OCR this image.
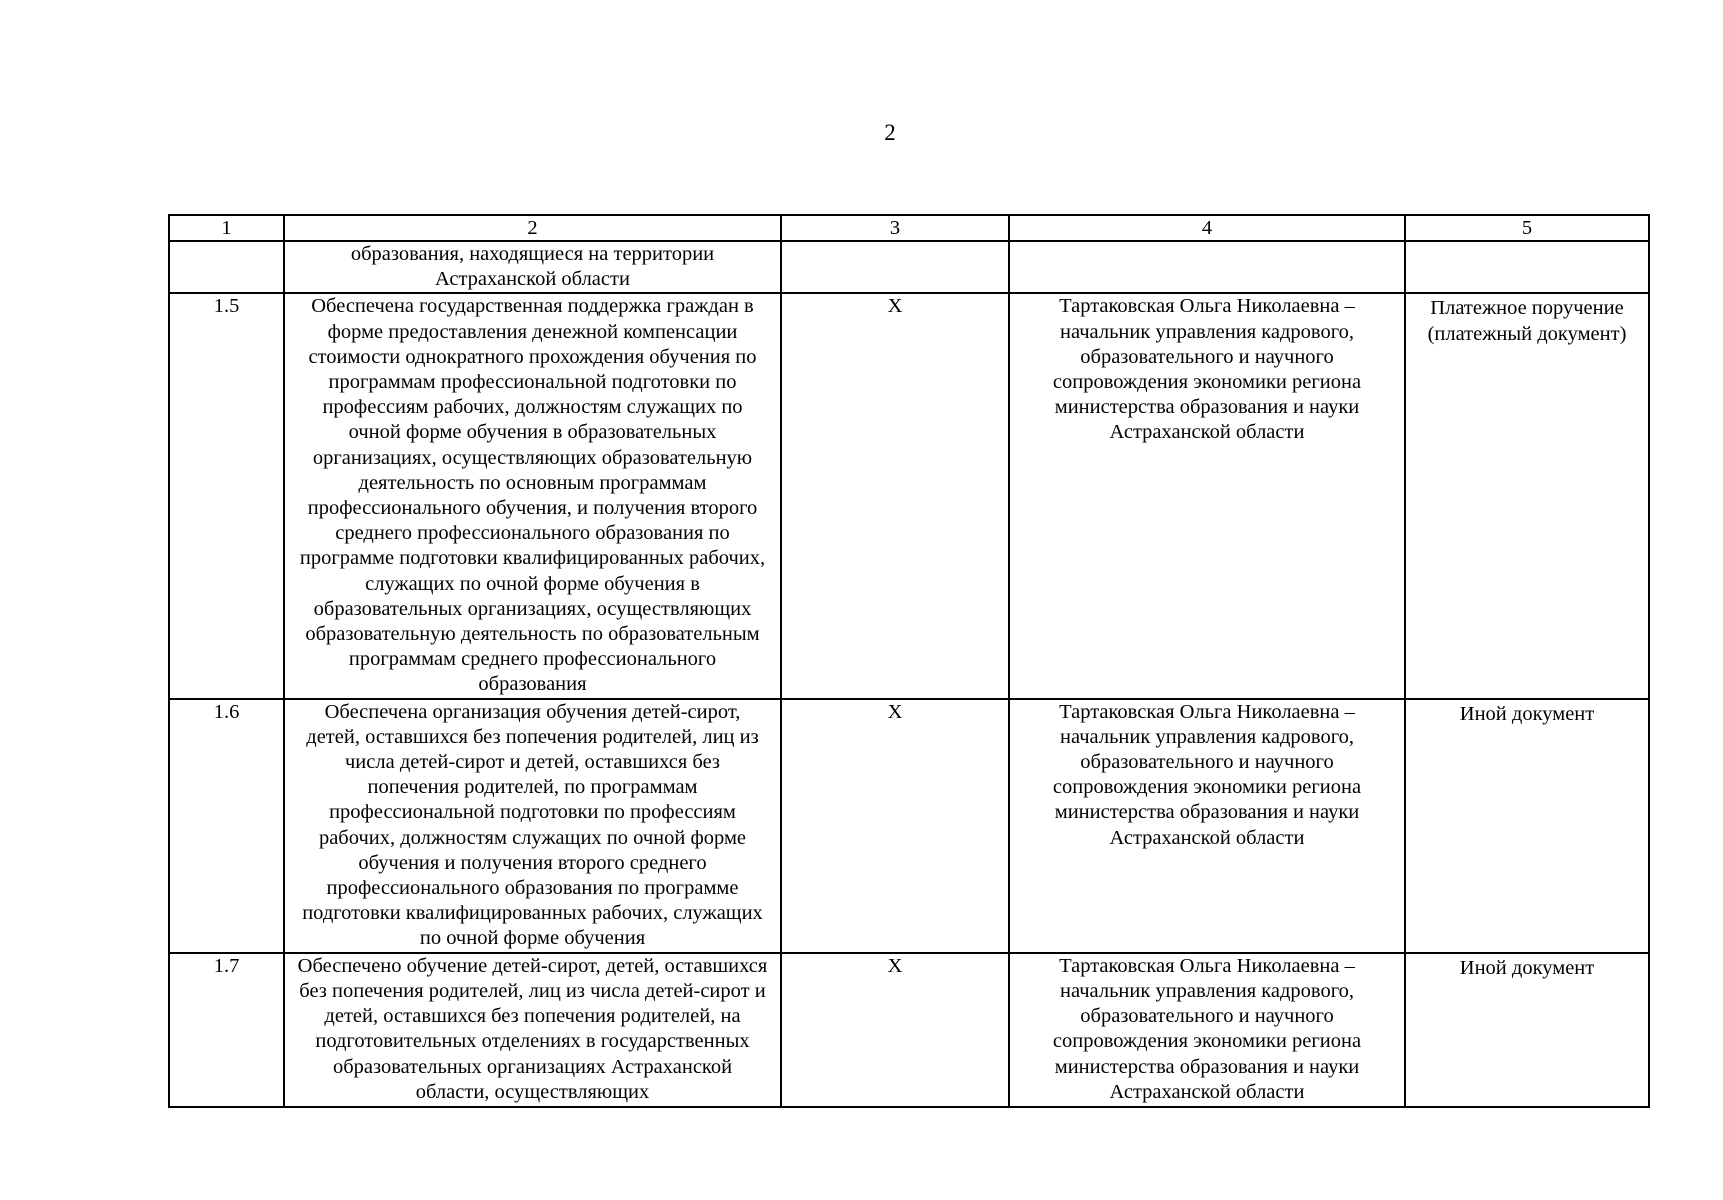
2
1	2	3	4	5

	образования, находящиеся на территории Астраханской области			

1.5	Обеспечена государственная поддержка граждан в форме предоставления денежной компенсации стоимости однократного прохождения обучения по программам профессиональной подготовки по профессиям рабочих, должностям служащих по очной форме обучения в образовательных организациях, осуществляющих образовательную деятельность по основным программам профессионального обучения, и получения второго среднего профессионального образования по программе подготовки квалифицированных рабочих, служащих по очной форме обучения в образовательных организациях, осуществляющих образовательную деятельность по образовательным программам среднего профессионального образования	Х	Тартаковская Ольга Николаевна – начальник управления кадрового, образовательного и научного сопровождения экономики региона министерства образования и науки Астраханской области	Платежное поручение (платежный документ)

1.6	Обеспечена организация обучения детей-сирот, детей, оставшихся без попечения родителей, лиц из числа детей-сирот и детей, оставшихся без попечения родителей, по программам профессиональной подготовки по профессиям рабочих, должностям служащих по очной форме обучения и получения второго среднего профессионального образования по программе подготовки квалифицированных рабочих, служащих по очной форме обучения	Х	Тартаковская Ольга Николаевна – начальник управления кадрового, образовательного и научного сопровождения экономики региона министерства образования и науки Астраханской области	Иной документ

1.7	Обеспечено обучение детей-сирот, детей, оставшихся без попечения родителей, лиц из числа детей-сирот и детей, оставшихся без попечения родителей, на подготовительных отделениях в государственных образовательных организациях Астраханской области, осуществляющих	Х	Тартаковская Ольга Николаевна – начальник управления кадрового, образовательного и научного сопровождения экономики региона министерства образования и науки Астраханской области	Иной документ
